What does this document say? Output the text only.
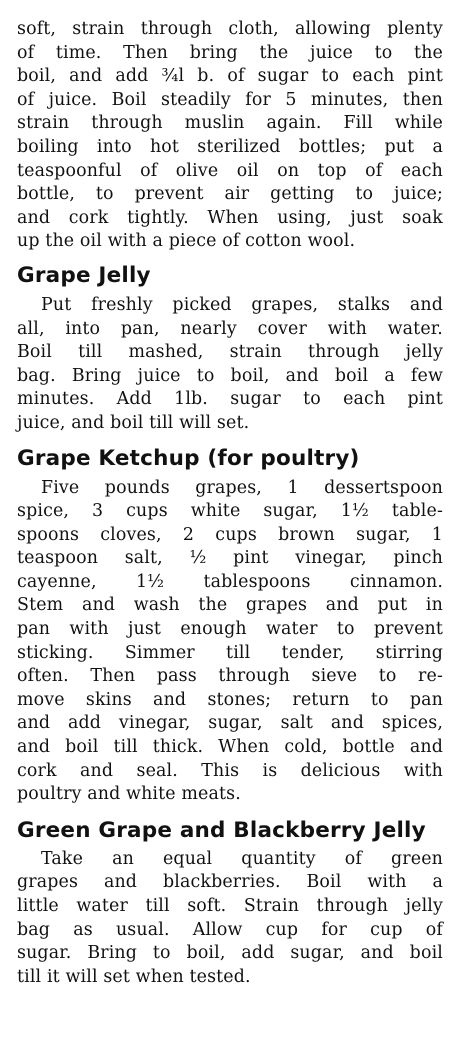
soft, strain through cloth, allowing plenty
of time. Then bring the juice to the
boil, and add ¾l b. of sugar to each pint
of juice. Boil steadily for 5 minutes, then
strain through muslin again. Fill while
boiling into hot sterilized bottles; put a
teaspoonful of olive oil on top of each
bottle, to prevent air getting to juice;
and cork tightly. When using, just soak
up the oil with a piece of cotton wool.
Grape Jelly
Put freshly picked grapes, stalks and
all, into pan, nearly cover with water.
Boil till mashed, strain through jelly
bag. Bring juice to boil, and boil a few
minutes. Add 1lb. sugar to each pint
juice, and boil till will set.
Grape Ketchup (for poultry)
Five pounds grapes, 1 dessertspoon
spice, 3 cups white sugar, 1½ table-
spoons cloves, 2 cups brown sugar, 1
teaspoon salt, ½ pint vinegar, pinch
cayenne, 1½ tablespoons cinnamon.
Stem and wash the grapes and put in
pan with just enough water to prevent
sticking. Simmer till tender, stirring
often. Then pass through sieve to re-
move skins and stones; return to pan
and add vinegar, sugar, salt and spices,
and boil till thick. When cold, bottle and
cork and seal. This is delicious with
poultry and white meats.
Green Grape and Blackberry Jelly
Take an equal quantity of green
grapes and blackberries. Boil with a
little water till soft. Strain through jelly
bag as usual. Allow cup for cup of
sugar. Bring to boil, add sugar, and boil
till it will set when tested.
